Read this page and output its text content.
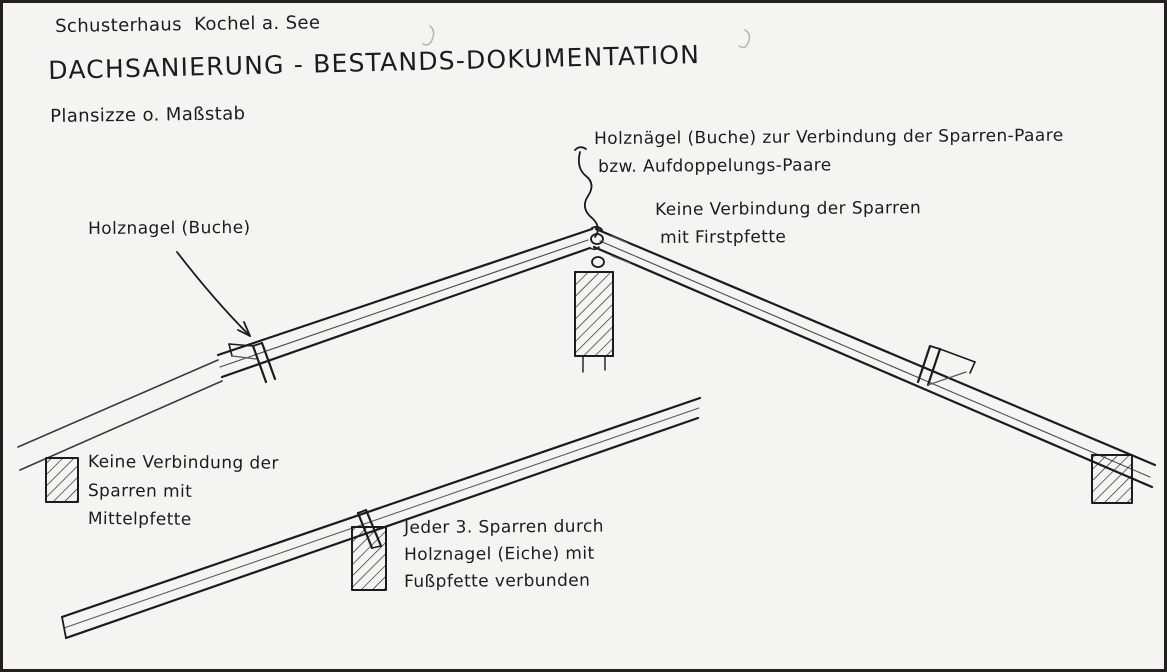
Schusterhaus  Kochel a. See
DACHSANIERUNG - BESTANDS-DOKUMENTATION
Plansizze o. Maßstab
Holznagel (Buche)
Holznägel (Buche) zur Verbindung der Sparren-Paare
bzw. Aufdoppelungs-Paare
Keine Verbindung der Sparren
mit Firstpfette
Keine Verbindung der
Sparren mit
Mittelpfette	Jeder 3. Sparren durch
Holznagel (Eiche) mit
Fußpfette verbunden
